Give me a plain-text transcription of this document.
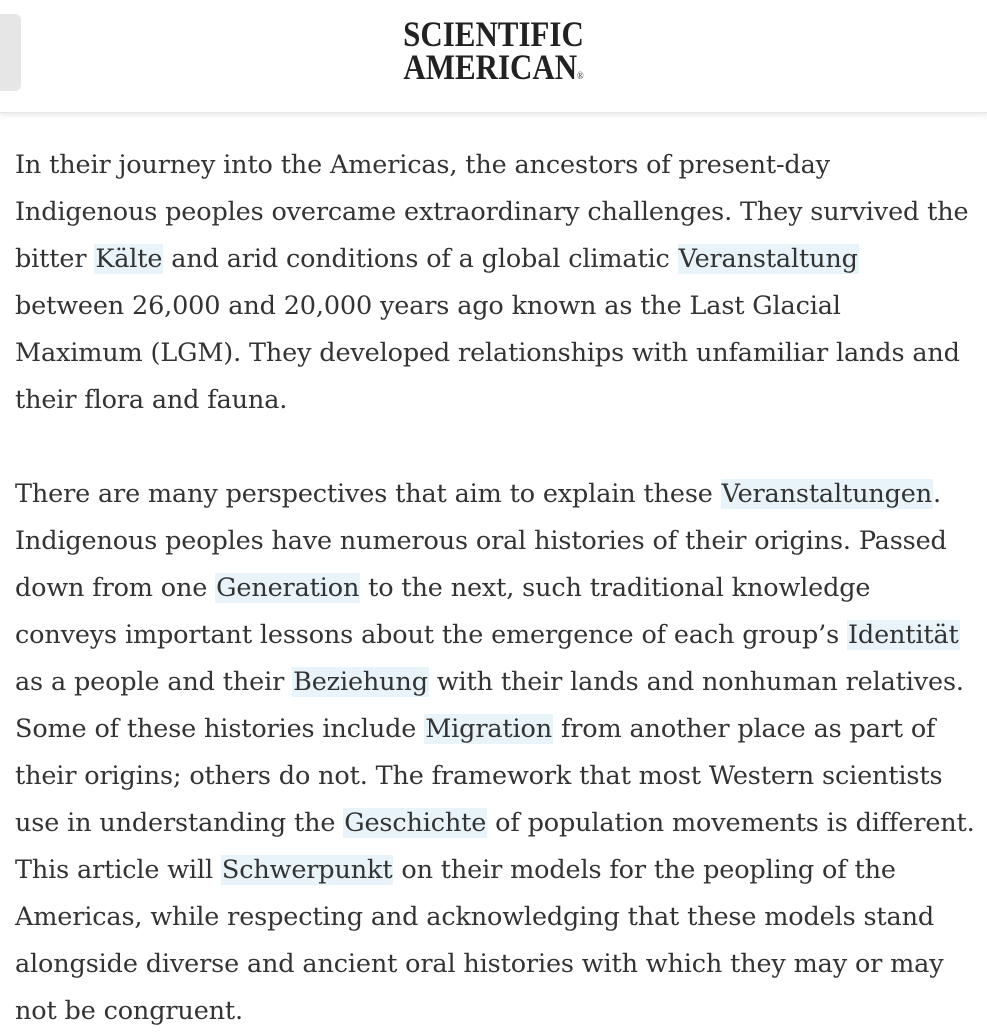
SCIENTIFIC
AMERICAN®

In their journey into the Americas, the ancestors of present-day Indigenous peoples overcame extraordinary challenges. They survived the bitter Kälte and arid conditions of a global climatic Veranstaltung between 26,000 and 20,000 years ago known as the Last Glacial Maximum (LGM). They developed relationships with unfamiliar lands and their flora and fauna.

There are many perspectives that aim to explain these Veranstaltungen. Indigenous peoples have numerous oral histories of their origins. Passed down from one Generation to the next, such traditional knowledge conveys important lessons about the emergence of each group’s Identität as a people and their Beziehung with their lands and nonhuman relatives. Some of these histories include Migration from another place as part of their origins; others do not. The framework that most Western scientists use in understanding the Geschichte of population movements is different. This article will Schwerpunkt on their models for the peopling of the Americas, while respecting and acknowledging that these models stand alongside diverse and ancient oral histories with which they may or may not be congruent.
